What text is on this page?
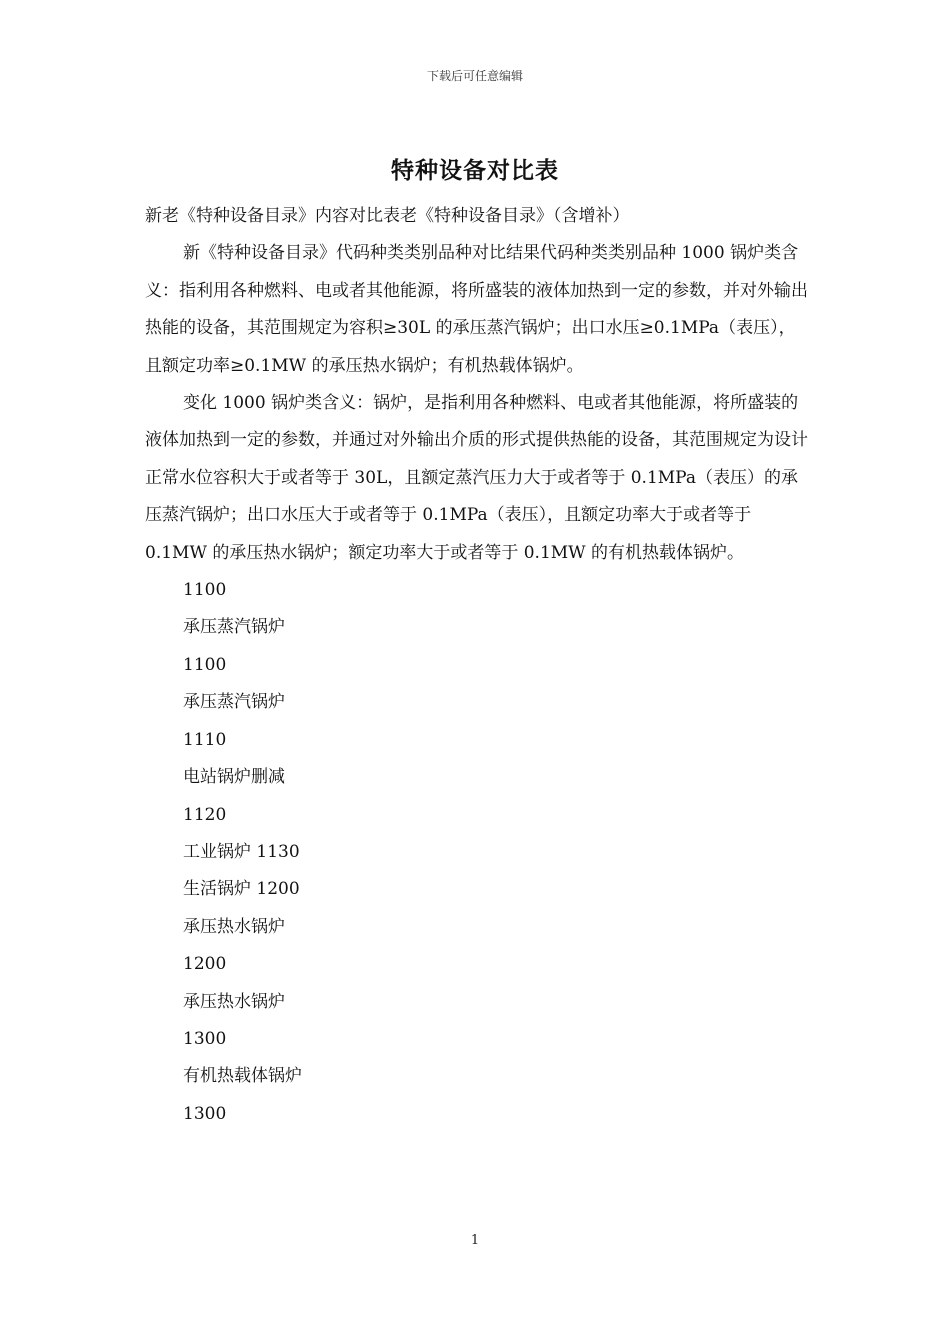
下载后可任意编辑
特种设备对比表

新老《特种设备目录》内容对比表老《特种设备目录》（含增补）

新《特种设备目录》代码种类类别品种对比结果代码种类类别品种 1000 锅炉类含义：指利用各种燃料、电或者其他能源，将所盛装的液体加热到一定的参数，并对外输出热能的设备，其范围规定为容积≥30L 的承压蒸汽锅炉；出口水压≥0.1MPa（表压），且额定功率≥0.1MW 的承压热水锅炉；有机热载体锅炉。

变化 1000 锅炉类含义：锅炉，是指利用各种燃料、电或者其他能源，将所盛装的液体加热到一定的参数，并通过对外输出介质的形式提供热能的设备，其范围规定为设计正常水位容积大于或者等于 30L，且额定蒸汽压力大于或者等于 0.1MPa（表压）的承压蒸汽锅炉；出口水压大于或者等于 0.1MPa（表压），且额定功率大于或者等于 0.1MW 的承压热水锅炉；额定功率大于或者等于 0.1MW 的有机热载体锅炉。

1100

承压蒸汽锅炉

1100

承压蒸汽锅炉

1110

电站锅炉删减

1120

工业锅炉 1130

生活锅炉 1200

承压热水锅炉

1200

承压热水锅炉

1300

有机热载体锅炉

1300

1
